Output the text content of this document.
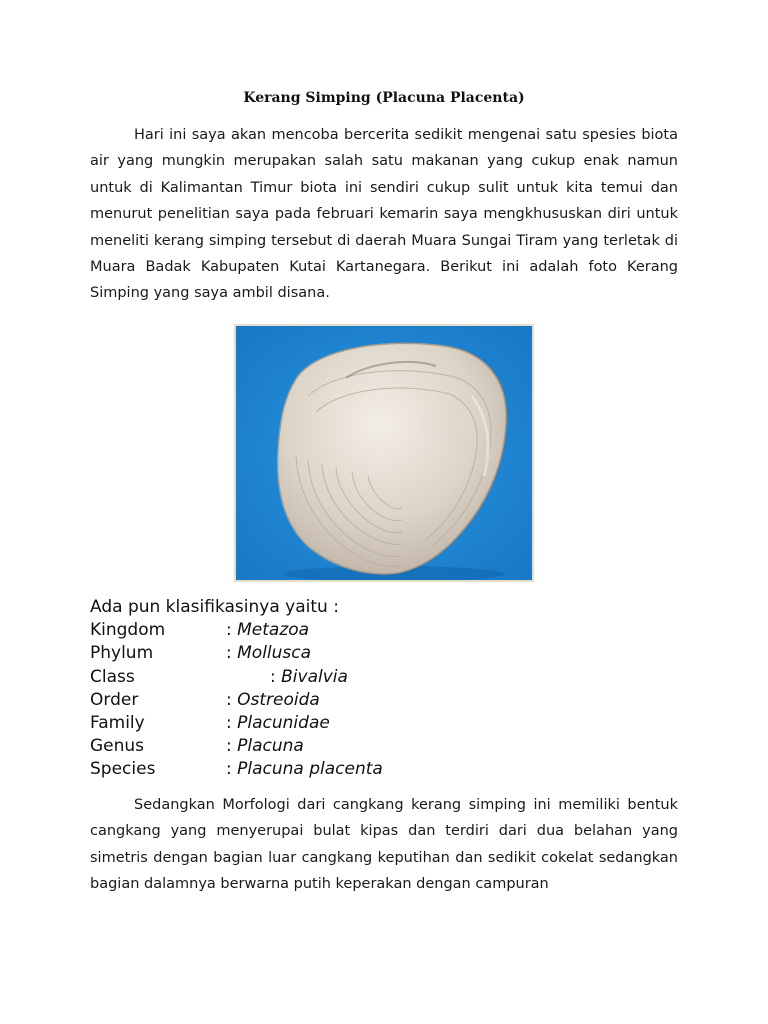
Kerang Simping (Placuna Placenta)

Hari ini saya akan mencoba bercerita sedikit mengenai satu spesies biota air yang mungkin merupakan salah satu makanan yang cukup enak namun untuk di Kalimantan Timur biota ini sendiri cukup sulit untuk kita temui dan menurut penelitian saya pada februari kemarin saya mengkhususkan diri untuk meneliti kerang simping tersebut di daerah Muara Sungai Tiram yang terletak di Muara Badak Kabupaten Kutai Kartanegara. Berikut ini adalah foto Kerang Simping yang saya ambil disana.

Ada pun klasifikasinya yaitu :
Kingdom	: Metazoa
Phylum	: Mollusca
Class	: Bivalvia
Order	: Ostreoida
Family	: Placunidae
Genus	: Placuna
Species	: Placuna placenta

Sedangkan Morfologi dari cangkang kerang simping ini memiliki bentuk cangkang yang menyerupai bulat kipas dan terdiri dari dua belahan yang simetris dengan bagian luar cangkang keputihan dan sedikit cokelat sedangkan bagian dalamnya berwarna putih keperakan dengan campuran
